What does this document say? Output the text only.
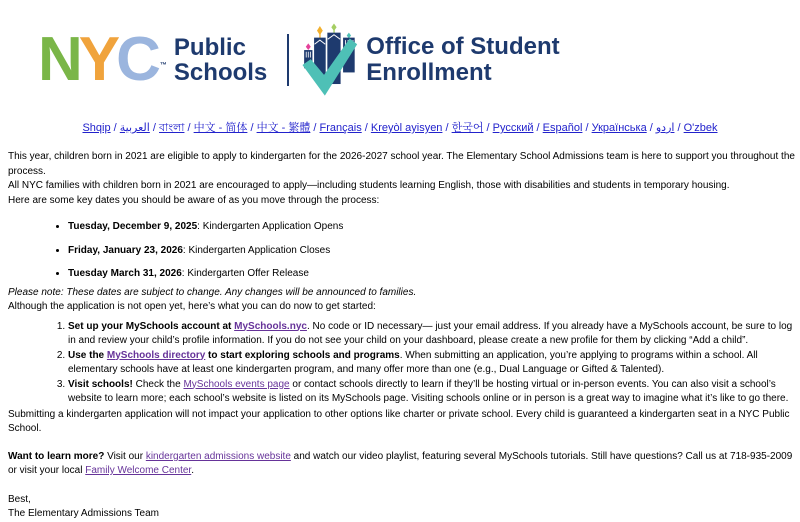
N Y C ™
Public
Schools
Office of Student
Enrollment
Shqip / العربية / বাংলা / 中文 - 简体 / 中文 - 繁體 / Français / Kreyòl ayisyen / 한국어 / Русский / Español / Українська / اردو / O'zbek
This year, children born in 2021 are eligible to apply to kindergarten for the 2026-2027 school year. The Elementary School Admissions team is here to support you throughout the process.
All NYC families with children born in 2021 are encouraged to apply—including students learning English, those with disabilities and students in temporary housing.
Here are some key dates you should be aware of as you move through the process:
• Tuesday, December 9, 2025: Kindergarten Application Opens
• Friday, January 23, 2026: Kindergarten Application Closes
• Tuesday March 31, 2026: Kindergarten Offer Release
Please note: These dates are subject to change. Any changes will be announced to families.
Although the application is not open yet, here’s what you can do now to get started:
1. Set up your MySchools account at MySchools.nyc. No code or ID necessary— just your email address. If you already have a MySchools account, be sure to log in and review your child’s profile information. If you do not see your child on your dashboard, please create a new profile for them by clicking “Add a child”.
2. Use the MySchools directory to start exploring schools and programs. When submitting an application, you’re applying to programs within a school. All elementary schools have at least one kindergarten program, and many offer more than one (e.g., Dual Language or Gifted & Talented).
3. Visit schools! Check the MySchools events page or contact schools directly to learn if they’ll be hosting virtual or in-person events. You can also visit a school’s website to learn more; each school’s website is listed on its MySchools page. Visiting schools online or in person is a great way to imagine what it’s like to go there.
Submitting a kindergarten application will not impact your application to other options like charter or private school. Every child is guaranteed a kindergarten seat in a NYC Public School.
Want to learn more? Visit our kindergarten admissions website and watch our video playlist, featuring several MySchools tutorials. Still have questions? Call us at 718-935-2009 or visit your local Family Welcome Center.
Best,
The Elementary Admissions Team
